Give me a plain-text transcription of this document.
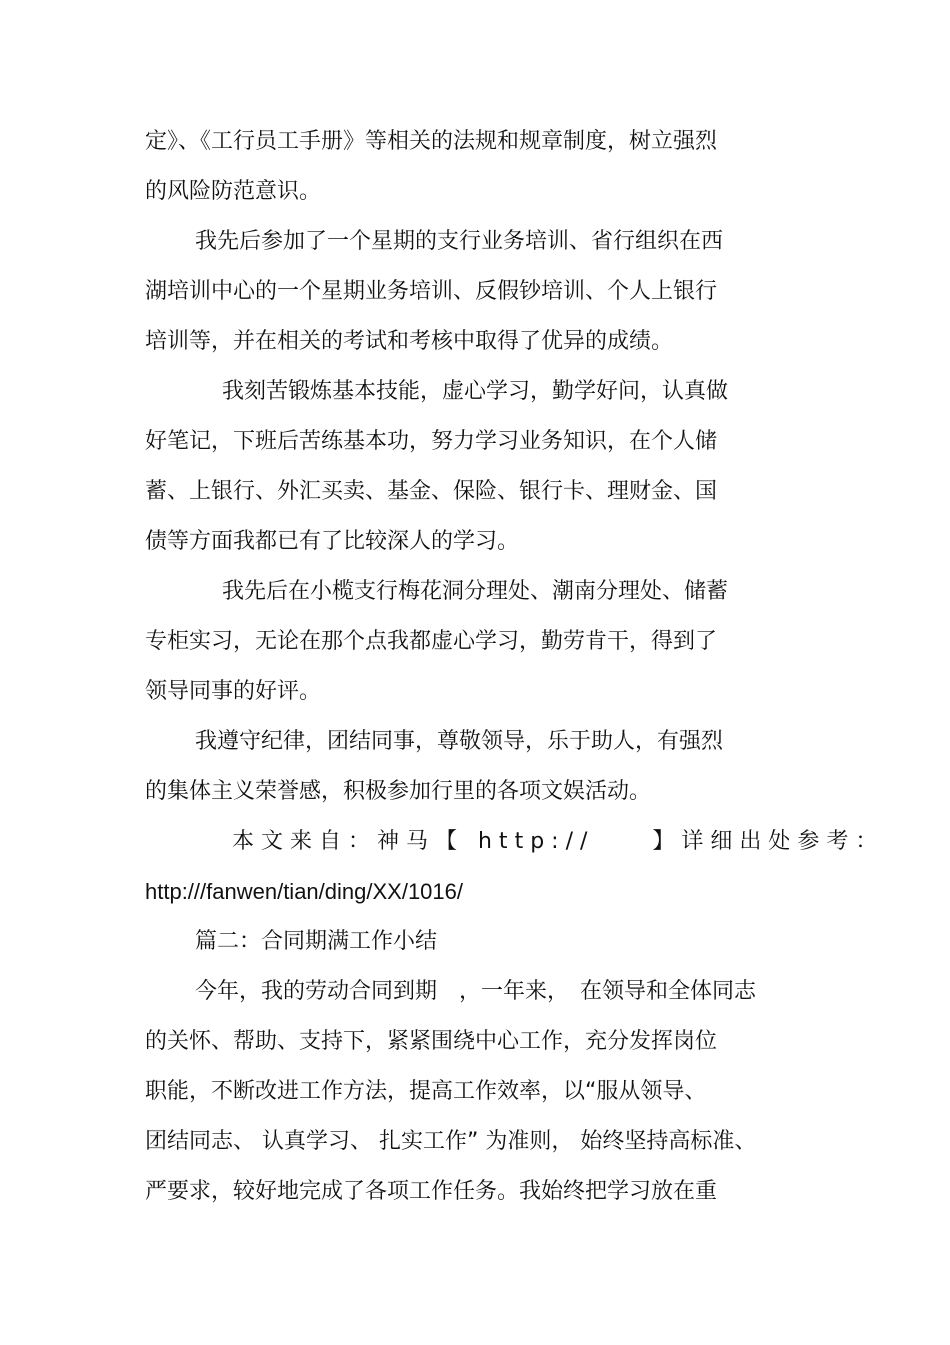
定》、《工行员工手册》等相关的法规和规章制度，树立强烈
的风险防范意识。
我先后参加了一个星期的支行业务培训、省行组织在西
湖培训中心的一个星期业务培训、反假钞培训、个人上银行
培训等，并在相关的考试和考核中取得了优异的成绩。
我刻苦锻炼基本技能，虚心学习，勤学好问，认真做
好笔记，下班后苦练基本功，努力学习业务知识，在个人储
蓄、上银行、外汇买卖、基金、保险、银行卡、理财金、国
债等方面我都已有了比较深人的学习。
我先后在小榄支行梅花洞分理处、潮南分理处、储蓄
专柜实习，无论在那个点我都虚心学习，勤劳肯干，得到了
领导同事的好评。
我遵守纪律，团结同事，尊敬领导，乐于助人，有强烈
的集体主义荣誉感，积极参加行里的各项文娱活动。
本文来自：神马【 http://　　】详细出处参考：
http:///fanwen/tian/ding/XX/1016/
篇二：合同期满工作小结
今年，我的劳动合同到期　，一年来，　在领导和全体同志
的关怀、帮助、支持下，紧紧围绕中心工作，充分发挥岗位
职能，不断改进工作方法，提高工作效率，以“服从领导、
团结同志、 认真学习、 扎实工作” 为准则， 始终坚持高标准、
严要求，较好地完成了各项工作任务。我始终把学习放在重
